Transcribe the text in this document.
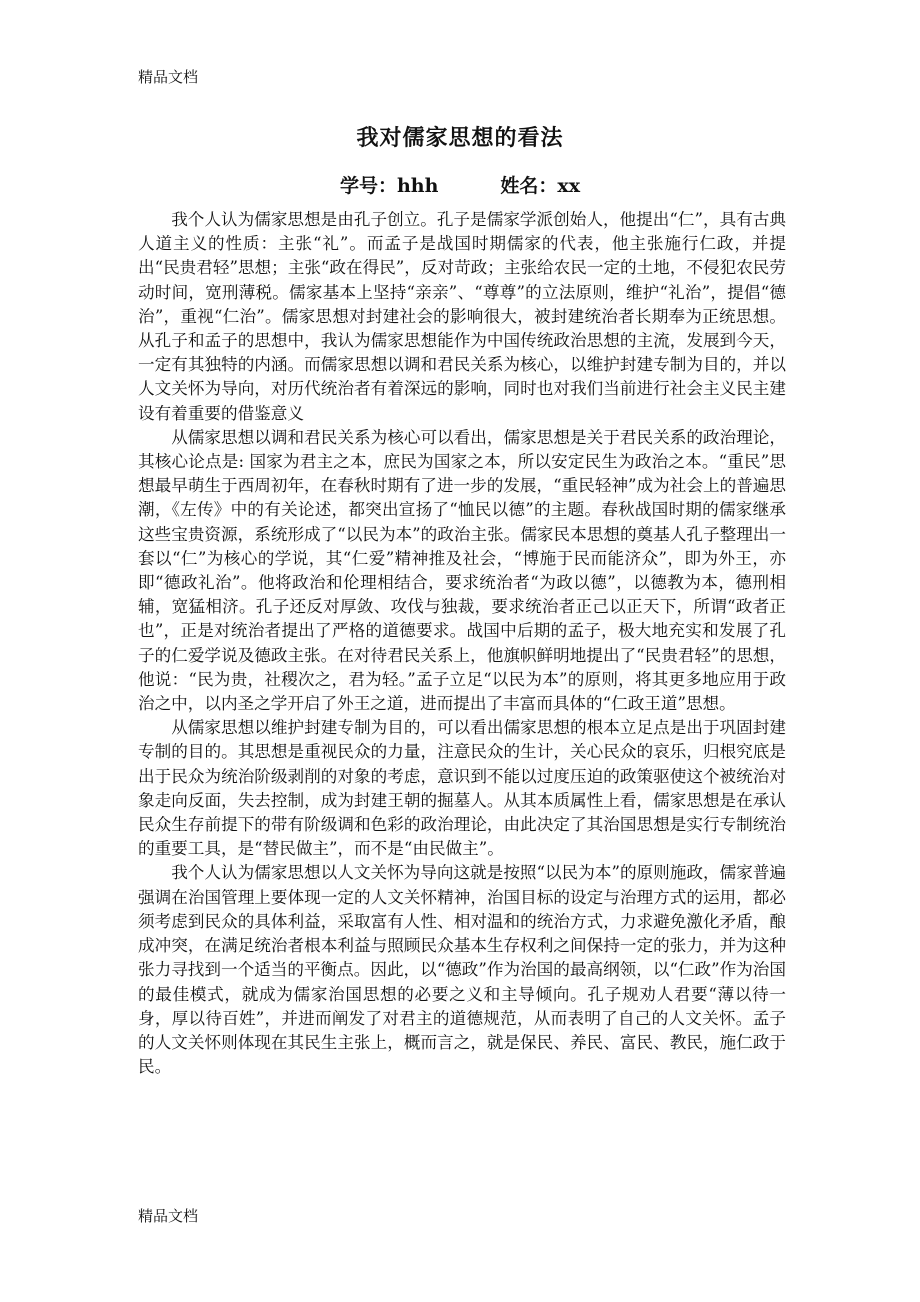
精品文档
我对儒家思想的看法
学号：hhh	姓名：xx

我个人认为儒家思想是由孔子创立。孔子是儒家学派创始人，他提出“仁”，具有古典人道主义的性质：主张“礼”。而孟子是战国时期儒家的代表，他主张施行仁政，并提出“民贵君轻”思想；主张“政在得民”，反对苛政；主张给农民一定的土地，不侵犯农民劳动时间，宽刑薄税。儒家基本上坚持“亲亲”、“尊尊”的立法原则，维护“礼治”，提倡“德治”，重视“仁治”。儒家思想对封建社会的影响很大，被封建统治者长期奉为正统思想。从孔子和孟子的思想中，我认为儒家思想能作为中国传统政治思想的主流，发展到今天，一定有其独特的内涵。而儒家思想以调和君民关系为核心，以维护封建专制为目的，并以人文关怀为导向，对历代统治者有着深远的影响，同时也对我们当前进行社会主义民主建设有着重要的借鉴意义

从儒家思想以调和君民关系为核心可以看出，儒家思想是关于君民关系的政治理论，其核心论点是: 国家为君主之本，庶民为国家之本，所以安定民生为政治之本。“重民”思想最早萌生于西周初年，在春秋时期有了进一步的发展，“重民轻神”成为社会上的普遍思潮，《左传》中的有关论述，都突出宣扬了“恤民以德”的主题。春秋战国时期的儒家继承这些宝贵资源，系统形成了“以民为本”的政治主张。儒家民本思想的奠基人孔子整理出一套以“仁”为核心的学说，其“仁爱”精神推及社会，“博施于民而能济众”，即为外王，亦即“德政礼治”。他将政治和伦理相结合，要求统治者“为政以德”，以德教为本，德刑相辅，宽猛相济。孔子还反对厚敛、攻伐与独裁，要求统治者正己以正天下，所谓“政者正也”，正是对统治者提出了严格的道德要求。战国中后期的孟子，极大地充实和发展了孔子的仁爱学说及德政主张。在对待君民关系上，他旗帜鲜明地提出了“民贵君轻”的思想，他说：“民为贵，社稷次之，君为轻。”孟子立足“以民为本”的原则，将其更多地应用于政治之中，以内圣之学开启了外王之道，进而提出了丰富而具体的“仁政王道”思想。

从儒家思想以维护封建专制为目的，可以看出儒家思想的根本立足点是出于巩固封建专制的目的。其思想是重视民众的力量，注意民众的生计，关心民众的哀乐，归根究底是出于民众为统治阶级剥削的对象的考虑，意识到不能以过度压迫的政策驱使这个被统治对象走向反面，失去控制，成为封建王朝的掘墓人。从其本质属性上看，儒家思想是在承认民众生存前提下的带有阶级调和色彩的政治理论，由此决定了其治国思想是实行专制统治的重要工具，是“替民做主”，而不是“由民做主”。

我个人认为儒家思想以人文关怀为导向这就是按照“以民为本”的原则施政，儒家普遍强调在治国管理上要体现一定的人文关怀精神，治国目标的设定与治理方式的运用，都必须考虑到民众的具体利益，采取富有人性、相对温和的统治方式，力求避免激化矛盾，酿成冲突，在满足统治者根本利益与照顾民众基本生存权利之间保持一定的张力，并为这种张力寻找到一个适当的平衡点。因此，以“德政”作为治国的最高纲领，以“仁政”作为治国的最佳模式，就成为儒家治国思想的必要之义和主导倾向。孔子规劝人君要“薄以待一身，厚以待百姓”，并进而阐发了对君主的道德规范，从而表明了自己的人文关怀。孟子的人文关怀则体现在其民生主张上，概而言之，就是保民、养民、富民、教民，施仁政于民。

精品文档
